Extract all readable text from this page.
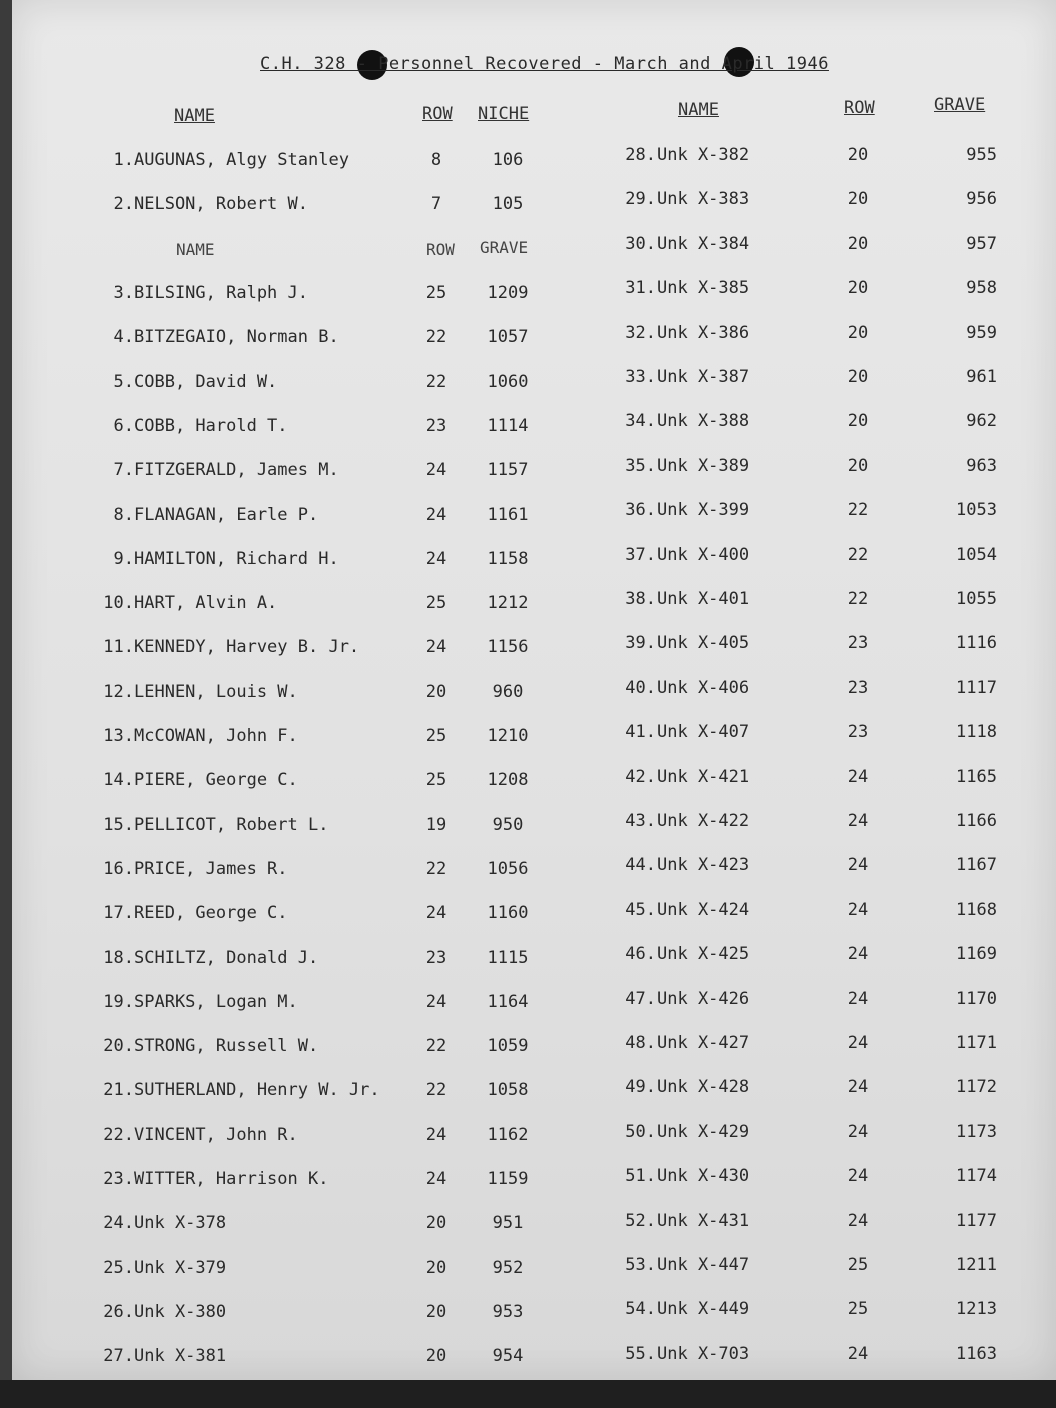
C.H. 328 - Personnel Recovered - March and April 1946
NAME	ROW NICHE	NAME	ROW	GRAVE
NAME	ROW GRAVE
1. AUGUNAS, Algy Stanley	8	106
2. NELSON, Robert W.	7	105
3. BILSING, Ralph J.	25	1209
4. BITZEGAIO, Norman B.	22	1057
5. COBB, David W.	22	1060
6. COBB, Harold T.	23	1114
7. FITZGERALD, James M.	24	1157
8. FLANAGAN, Earle P.	24	1161
9. HAMILTON, Richard H.	24	1158
10. HART, Alvin A.	25	1212
11. KENNEDY, Harvey B. Jr.	24	1156
12. LEHNEN, Louis W.	20	960
13. McCOWAN, John F.	25	1210
14. PIERE, George C.	25	1208
15. PELLICOT, Robert L.	19	950
16. PRICE, James R.	22	1056
17. REED, George C.	24	1160
18. SCHILTZ, Donald J.	23	1115
19. SPARKS, Logan M.	24	1164
20. STRONG, Russell W.	22	1059
21. SUTHERLAND, Henry W. Jr.	22	1058
22. VINCENT, John R.	24	1162
23. WITTER, Harrison K.	24	1159
24. Unk X-378	20	951
25. Unk X-379	20	952
26. Unk X-380	20	953
27. Unk X-381	20	954
28. Unk X-382	20	955
29. Unk X-383	20	956
30. Unk X-384	20	957
31. Unk X-385	20	958
32. Unk X-386	20	959
33. Unk X-387	20	961
34. Unk X-388	20	962
35. Unk X-389	20	963
36. Unk X-399	22	1053
37. Unk X-400	22	1054
38. Unk X-401	22	1055
39. Unk X-405	23	1116
40. Unk X-406	23	1117
41. Unk X-407	23	1118
42. Unk X-421	24	1165
43. Unk X-422	24	1166
44. Unk X-423	24	1167
45. Unk X-424	24	1168
46. Unk X-425	24	1169
47. Unk X-426	24	1170
48. Unk X-427	24	1171
49. Unk X-428	24	1172
50. Unk X-429	24	1173
51. Unk X-430	24	1174
52. Unk X-431	24	1177
53. Unk X-447	25	1211
54. Unk X-449	25	1213
55. Unk X-703	24	1163
